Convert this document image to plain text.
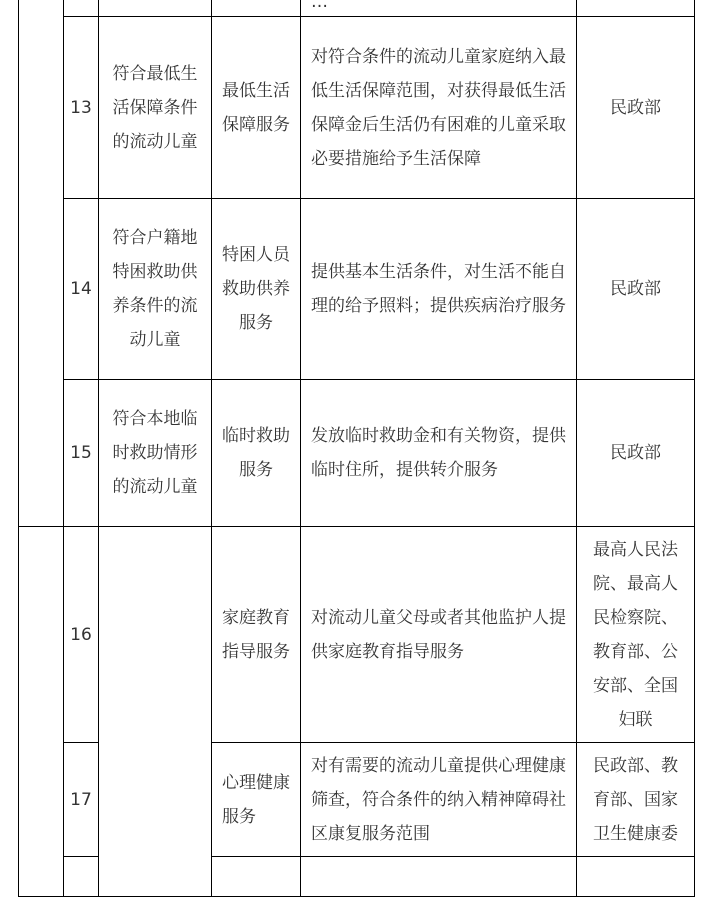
				…	
	13	符合最低生活保障条件的流动儿童	最低生活保障服务	对符合条件的流动儿童家庭纳入最低生活保障范围，对获得最低生活保障金后生活仍有困难的儿童采取必要措施给予生活保障	民政部
	14	符合户籍地特困救助供养条件的流动儿童	特困人员救助供养服务	提供基本生活条件，对生活不能自理的给予照料；提供疾病治疗服务	民政部
	15	符合本地临时救助情形的流动儿童	临时救助服务	发放临时救助金和有关物资，提供临时住所，提供转介服务	民政部
	16		家庭教育指导服务	对流动儿童父母或者其他监护人提供家庭教育指导服务	最高人民法院、最高人民检察院、教育部、公安部、全国妇联
	17		心理健康服务	对有需要的流动儿童提供心理健康筛查，符合条件的纳入精神障碍社区康复服务范围	民政部、教育部、国家卫生健康委
